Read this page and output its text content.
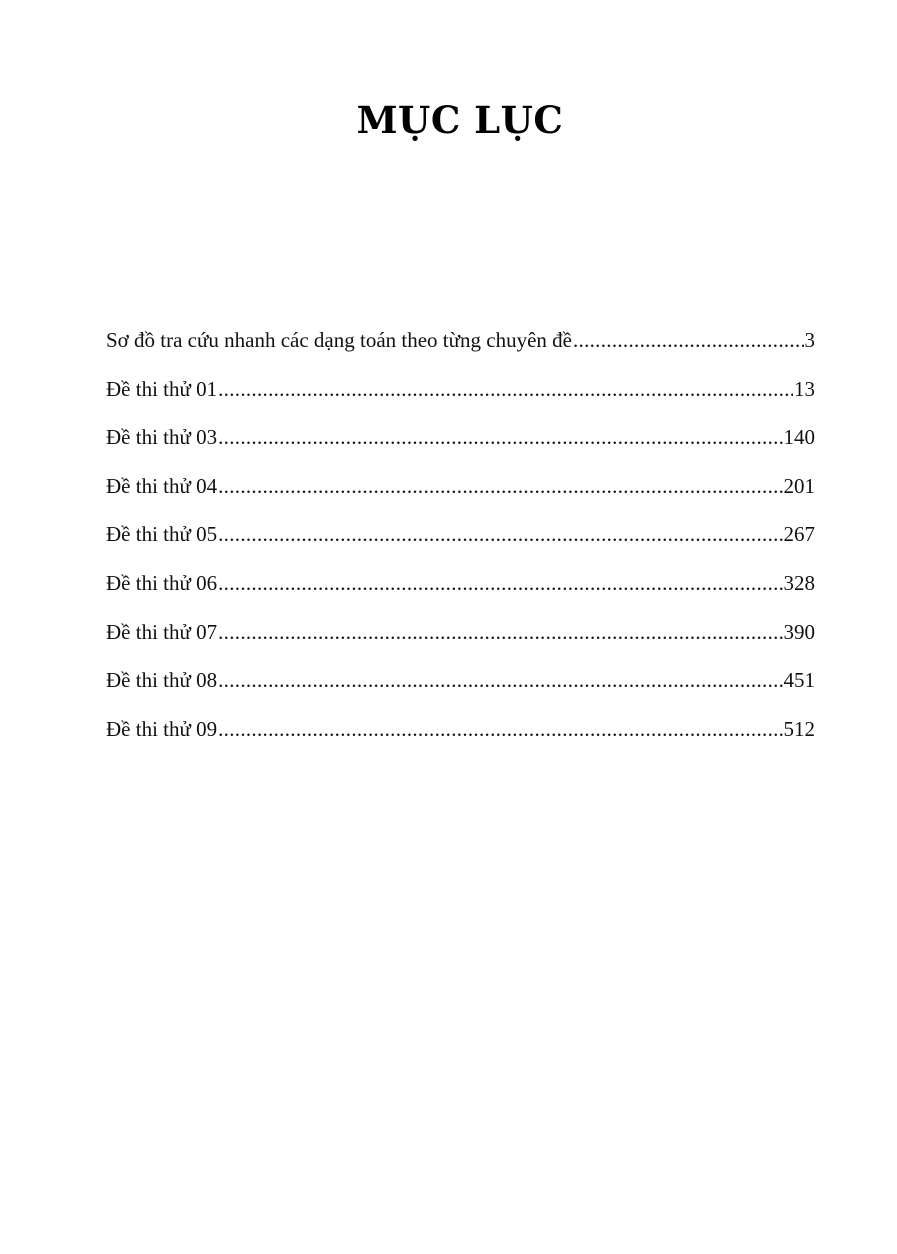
MỤC LỤC
Sơ đồ tra cứu nhanh các dạng toán theo từng chuyên đề .....	3
Đề thi thử 01 .....	13
Đề thi thử 03 .....	140
Đề thi thử 04 .....	201
Đề thi thử 05 .....	267
Đề thi thử 06 .....	328
Đề thi thử 07 .....	390
Đề thi thử 08 .....	451
Đề thi thử 09 .....	512
